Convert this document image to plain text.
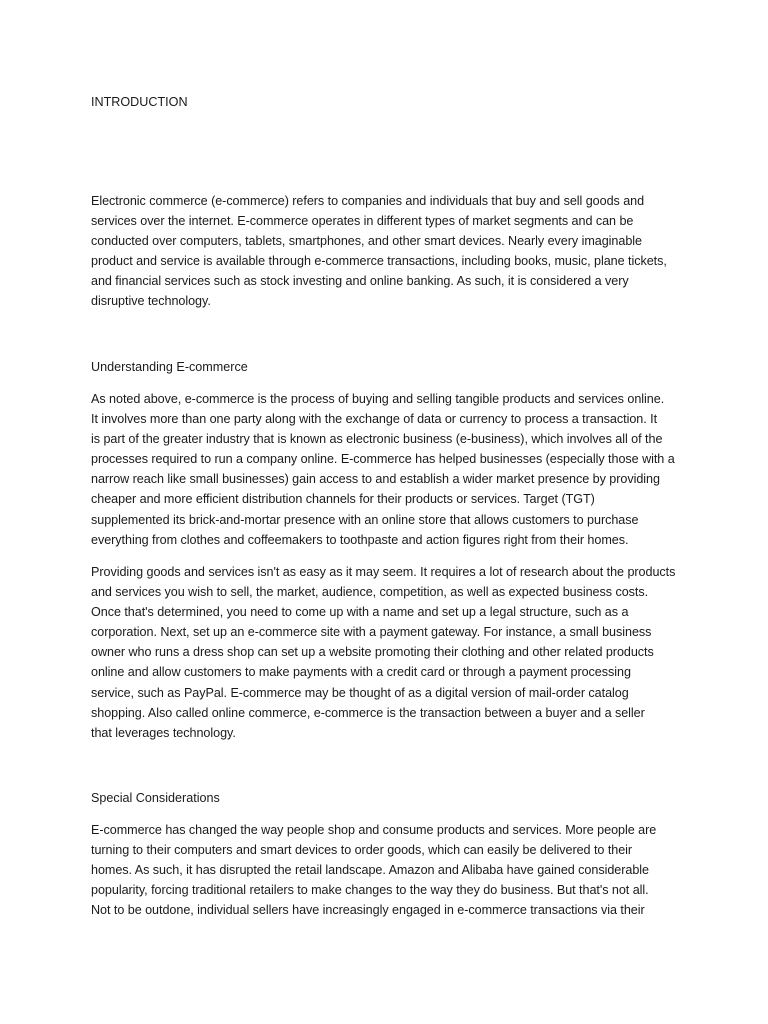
INTRODUCTION

Electronic commerce (e-commerce) refers to companies and individuals that buy and sell goods and
services over the internet. E-commerce operates in different types of market segments and can be
conducted over computers, tablets, smartphones, and other smart devices. Nearly every imaginable
product and service is available through e-commerce transactions, including books, music, plane tickets,
and financial services such as stock investing and online banking. As such, it is considered a very
disruptive technology.

Understanding E-commerce

As noted above, e-commerce is the process of buying and selling tangible products and services online.
It involves more than one party along with the exchange of data or currency to process a transaction. It
is part of the greater industry that is known as electronic business (e-business), which involves all of the
processes required to run a company online. E-commerce has helped businesses (especially those with a
narrow reach like small businesses) gain access to and establish a wider market presence by providing
cheaper and more efficient distribution channels for their products or services. Target (TGT)
supplemented its brick-and-mortar presence with an online store that allows customers to purchase
everything from clothes and coffeemakers to toothpaste and action figures right from their homes.

Providing goods and services isn't as easy as it may seem. It requires a lot of research about the products
and services you wish to sell, the market, audience, competition, as well as expected business costs.
Once that's determined, you need to come up with a name and set up a legal structure, such as a
corporation. Next, set up an e-commerce site with a payment gateway. For instance, a small business
owner who runs a dress shop can set up a website promoting their clothing and other related products
online and allow customers to make payments with a credit card or through a payment processing
service, such as PayPal. E-commerce may be thought of as a digital version of mail-order catalog
shopping. Also called online commerce, e-commerce is the transaction between a buyer and a seller
that leverages technology.

Special Considerations

E-commerce has changed the way people shop and consume products and services. More people are
turning to their computers and smart devices to order goods, which can easily be delivered to their
homes. As such, it has disrupted the retail landscape. Amazon and Alibaba have gained considerable
popularity, forcing traditional retailers to make changes to the way they do business. But that's not all.
Not to be outdone, individual sellers have increasingly engaged in e-commerce transactions via their
